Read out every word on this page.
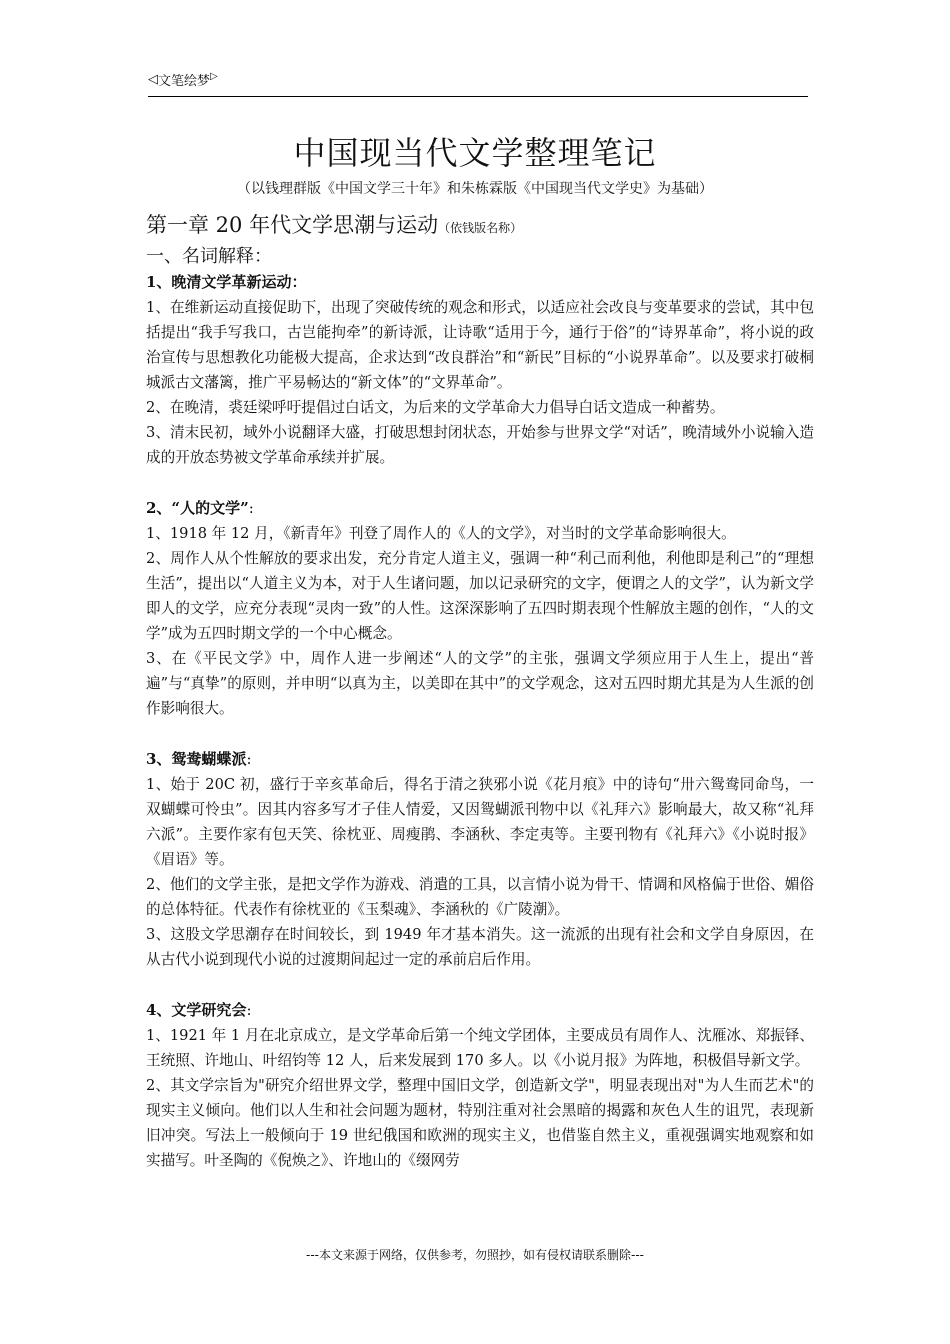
◁ 文笔绘梦 ▷
中国现当代文学整理笔记
（以钱理群版《中国文学三十年》和朱栋霖版《中国现当代文学史》为基础）
第一章 20 年代文学思潮与运动（依钱版名称）
一、名词解释：
1、晚清文学革新运动：

1、在维新运动直接促助下，出现了突破传统的观念和形式，以适应社会改良与变革要求的尝试，其中包括提出“我手写我口，古岂能拘牵”的新诗派，让诗歌“适用于今，通行于俗”的“诗界革命”，将小说的政治宣传与思想教化功能极大提高，企求达到“改良群治”和“新民”目标的“小说界革命”。以及要求打破桐城派古文藩篱，推广平易畅达的“新文体”的“文界革命”。

2、在晚清，裘廷梁呼吁提倡过白话文，为后来的文学革命大力倡导白话文造成一种蓄势。

3、清末民初，域外小说翻译大盛，打破思想封闭状态，开始参与世界文学“对话”，晚清域外小说输入造成的开放态势被文学革命承续并扩展。

2、“人的文学”:

1、1918 年 12 月，《新青年》刊登了周作人的《人的文学》，对当时的文学革命影响很大。

2、周作人从个性解放的要求出发，充分肯定人道主义，强调一种“利己而利他，利他即是利己”的“理想生活”，提出以“人道主义为本，对于人生诸问题，加以记录研究的文字，便谓之人的文学”，认为新文学即人的文学，应充分表现“灵肉一致”的人性。这深深影响了五四时期表现个性解放主题的创作，“人的文学”成为五四时期文学的一个中心概念。

3、在《平民文学》中，周作人进一步阐述“人的文学”的主张，强调文学须应用于人生上，提出“普遍”与“真挚”的原则，并申明“以真为主，以美即在其中”的文学观念，这对五四时期尤其是为人生派的创作影响很大。

3、鸳鸯蝴蝶派:

1、始于 20C 初，盛行于辛亥革命后，得名于清之狭邪小说《花月痕》中的诗句“卅六鸳鸯同命鸟，一双蝴蝶可怜虫”。因其内容多写才子佳人情爱，又因鸳蝴派刊物中以《礼拜六》影响最大，故又称“礼拜六派”。主要作家有包天笑、徐枕亚、周瘦鹃、李涵秋、李定夷等。主要刊物有《礼拜六》《小说时报》《眉语》等。

2、他们的文学主张，是把文学作为游戏、消遣的工具，以言情小说为骨干、情调和风格偏于世俗、媚俗的总体特征。代表作有徐枕亚的《玉梨魂》、李涵秋的《广陵潮》。

3、这股文学思潮存在时间较长，到 1949 年才基本消失。这一流派的出现有社会和文学自身原因，在从古代小说到现代小说的过渡期间起过一定的承前启后作用。

4、文学研究会:

1、1921 年 1 月在北京成立，是文学革命后第一个纯文学团体，主要成员有周作人、沈雁冰、郑振铎、王统照、许地山、叶绍钧等 12 人，后来发展到 170 多人。以《小说月报》为阵地，积极倡导新文学。

2、其文学宗旨为"研究介绍世界文学，整理中国旧文学，创造新文学"，明显表现出对"为人生而艺术"的现实主义倾向。他们以人生和社会问题为题材，特别注重对社会黑暗的揭露和灰色人生的诅咒，表现新旧冲突。写法上一般倾向于 19 世纪俄国和欧洲的现实主义，也借鉴自然主义，重视强调实地观察和如实描写。叶圣陶的《倪焕之》、许地山的《缀网劳

---本文来源于网络，仅供参考，勿照抄，如有侵权请联系删除---
